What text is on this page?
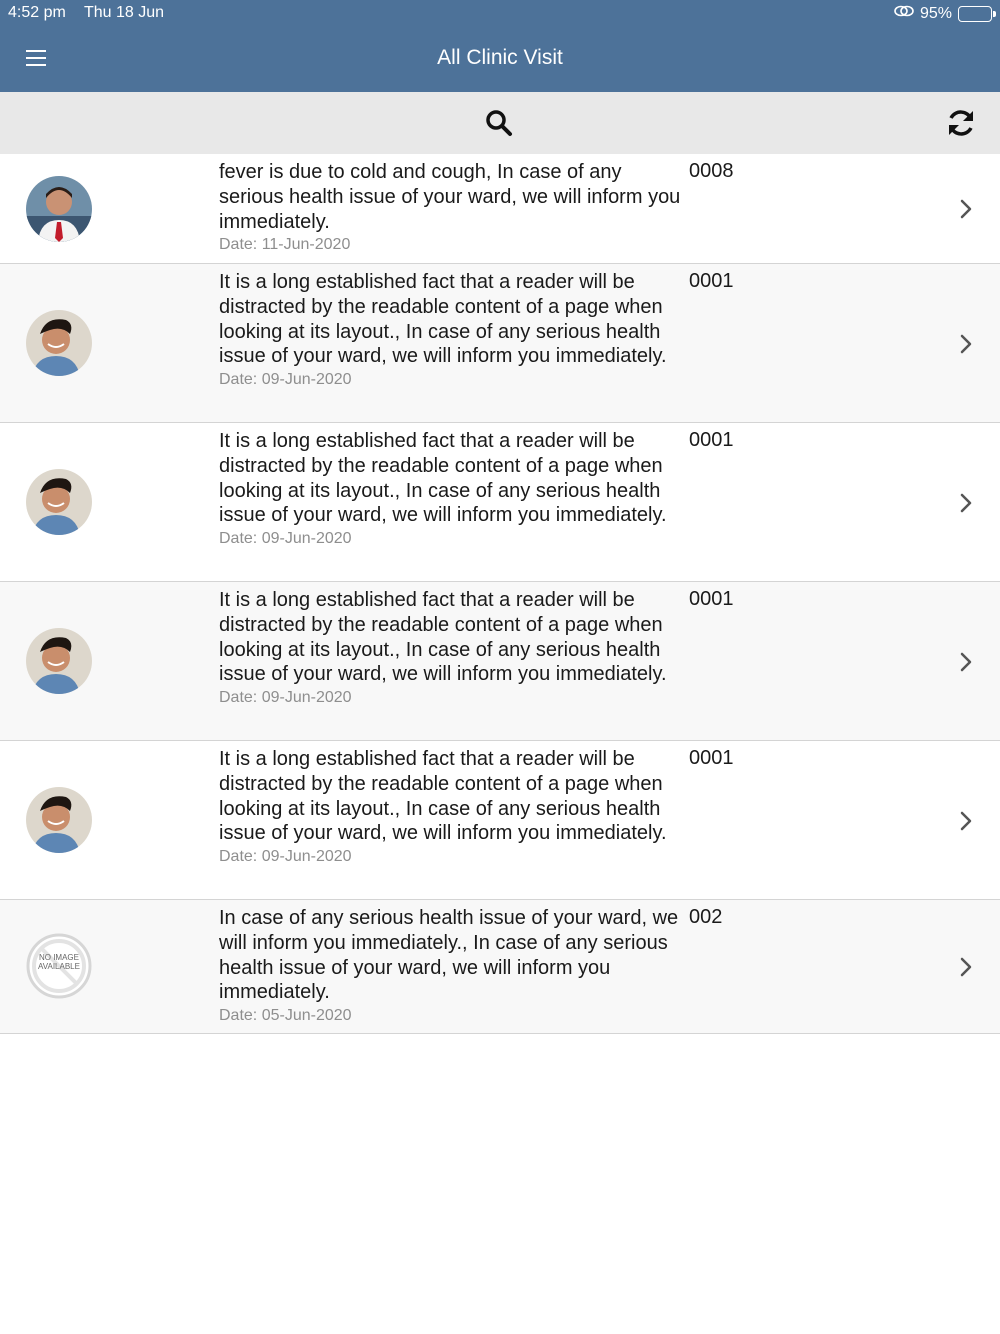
4:52 pm Thu 18 Jun	95%
All Clinic Visit
fever is due to cold and cough, In case of any serious health issue of your ward, we will inform you immediately.
Date: 11-Jun-2020
0008
It is a long established fact that a reader will be distracted by the readable content of a page when looking at its layout., In case of any serious health issue of your ward, we will inform you immediately.
Date: 09-Jun-2020
0001
It is a long established fact that a reader will be distracted by the readable content of a page when looking at its layout., In case of any serious health issue of your ward, we will inform you immediately.
Date: 09-Jun-2020
0001
It is a long established fact that a reader will be distracted by the readable content of a page when looking at its layout., In case of any serious health issue of your ward, we will inform you immediately.
Date: 09-Jun-2020
0001
It is a long established fact that a reader will be distracted by the readable content of a page when looking at its layout., In case of any serious health issue of your ward, we will inform you immediately.
Date: 09-Jun-2020
0001
NO IMAGE AVAILABLE
In case of any serious health issue of your ward, we will inform you immediately., In case of any serious health issue of your ward, we will inform you immediately.
Date: 05-Jun-2020
002
